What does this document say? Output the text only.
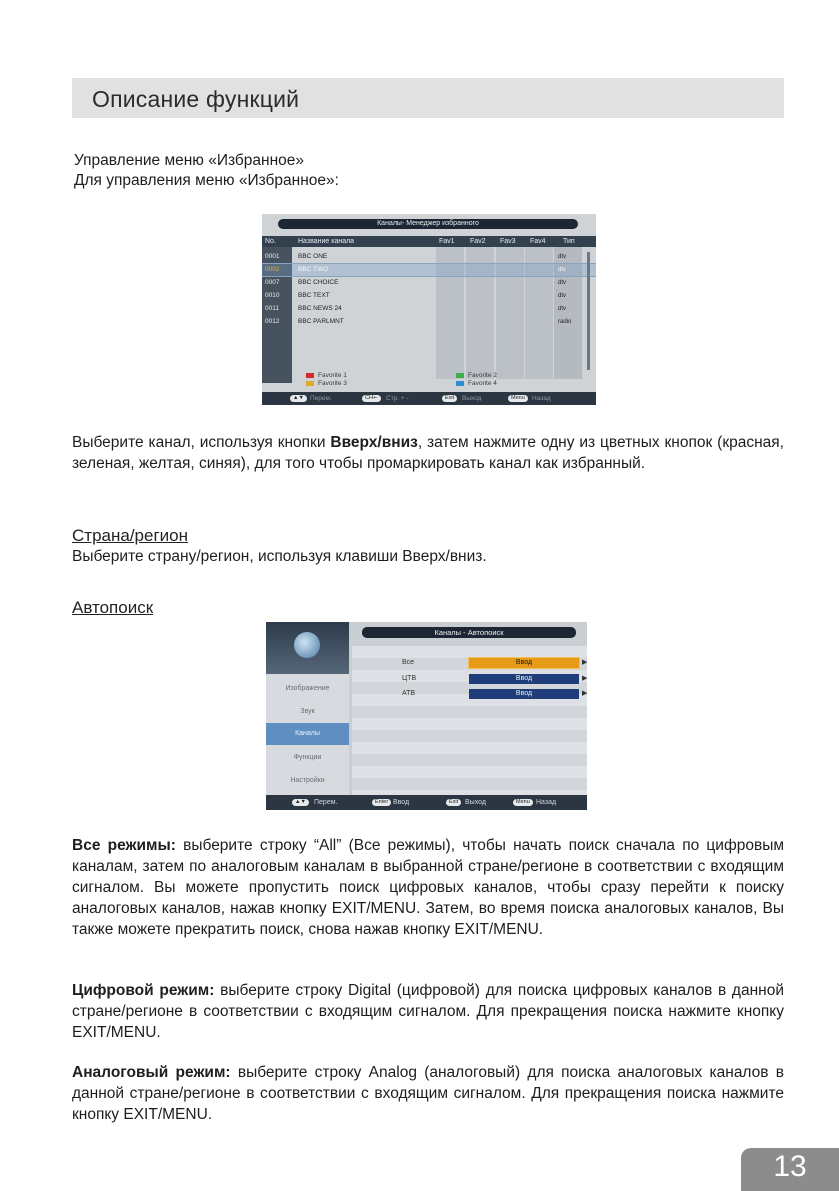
Описание функций
Управление меню «Избранное»
Для управления меню «Избранное»:
Каналы- Менеджер избранного
No.	Название канала	Fav1 Fav2 Fav3 Fav4 Тип
0001	BBC ONE	dtv
0002	BBC TWO	dtv
0007	BBC CHOICE	dtv
0010	BBC TEXT	dtv
0011	BBC NEWS 24	dtv
0012	BBC PARLMNT	radio
Favorite 1
Favorite 3
Favorite 2
Favorite 4
▲▼ Перем.	CH+-	Стр. + -	Exit	Выход	Menu	Назад
Выберите канал, используя кнопки Вверх/вниз, затем нажмите одну из цветных кнопок (красная, зеленая, желтая, синяя), для того чтобы промаркировать канал как избранный.
Страна/регион
Выберите страну/регион, используя клавиши Вверх/вниз.
Автопоиск
Изображение
Звук
Каналы
Функции
Настройки
Каналы - Автопоиск
Все	Ввод	▶
ЦТВ	Ввод	▶
АТВ	Ввод	▶
▲▼	Перем.	Enter Ввод	Exit Выход	Menu Назад
Все режимы: выберите строку “All” (Все режимы), чтобы начать поиск сначала по цифровым каналам, затем по аналоговым каналам в выбранной стране/регионе в соответствии с входящим сигналом. Вы можете пропустить поиск цифровых каналов, чтобы сразу перейти к поиску аналоговых каналов, нажав кнопку EXIT/MENU. Затем, во время поиска аналоговых каналов, Вы также можете прекратить поиск, снова нажав кнопку EXIT/MENU.
Цифровой режим: выберите строку Digital (цифровой) для поиска цифровых каналов в данной стране/регионе в соответствии с входящим сигналом. Для прекращения поиска нажмите кнопку EXIT/MENU.
Аналоговый режим: выберите строку Analog (аналоговый) для поиска аналоговых каналов в данной стране/регионе в соответствии с входящим сигналом. Для прекращения поиска нажмите кнопку EXIT/MENU.
13
